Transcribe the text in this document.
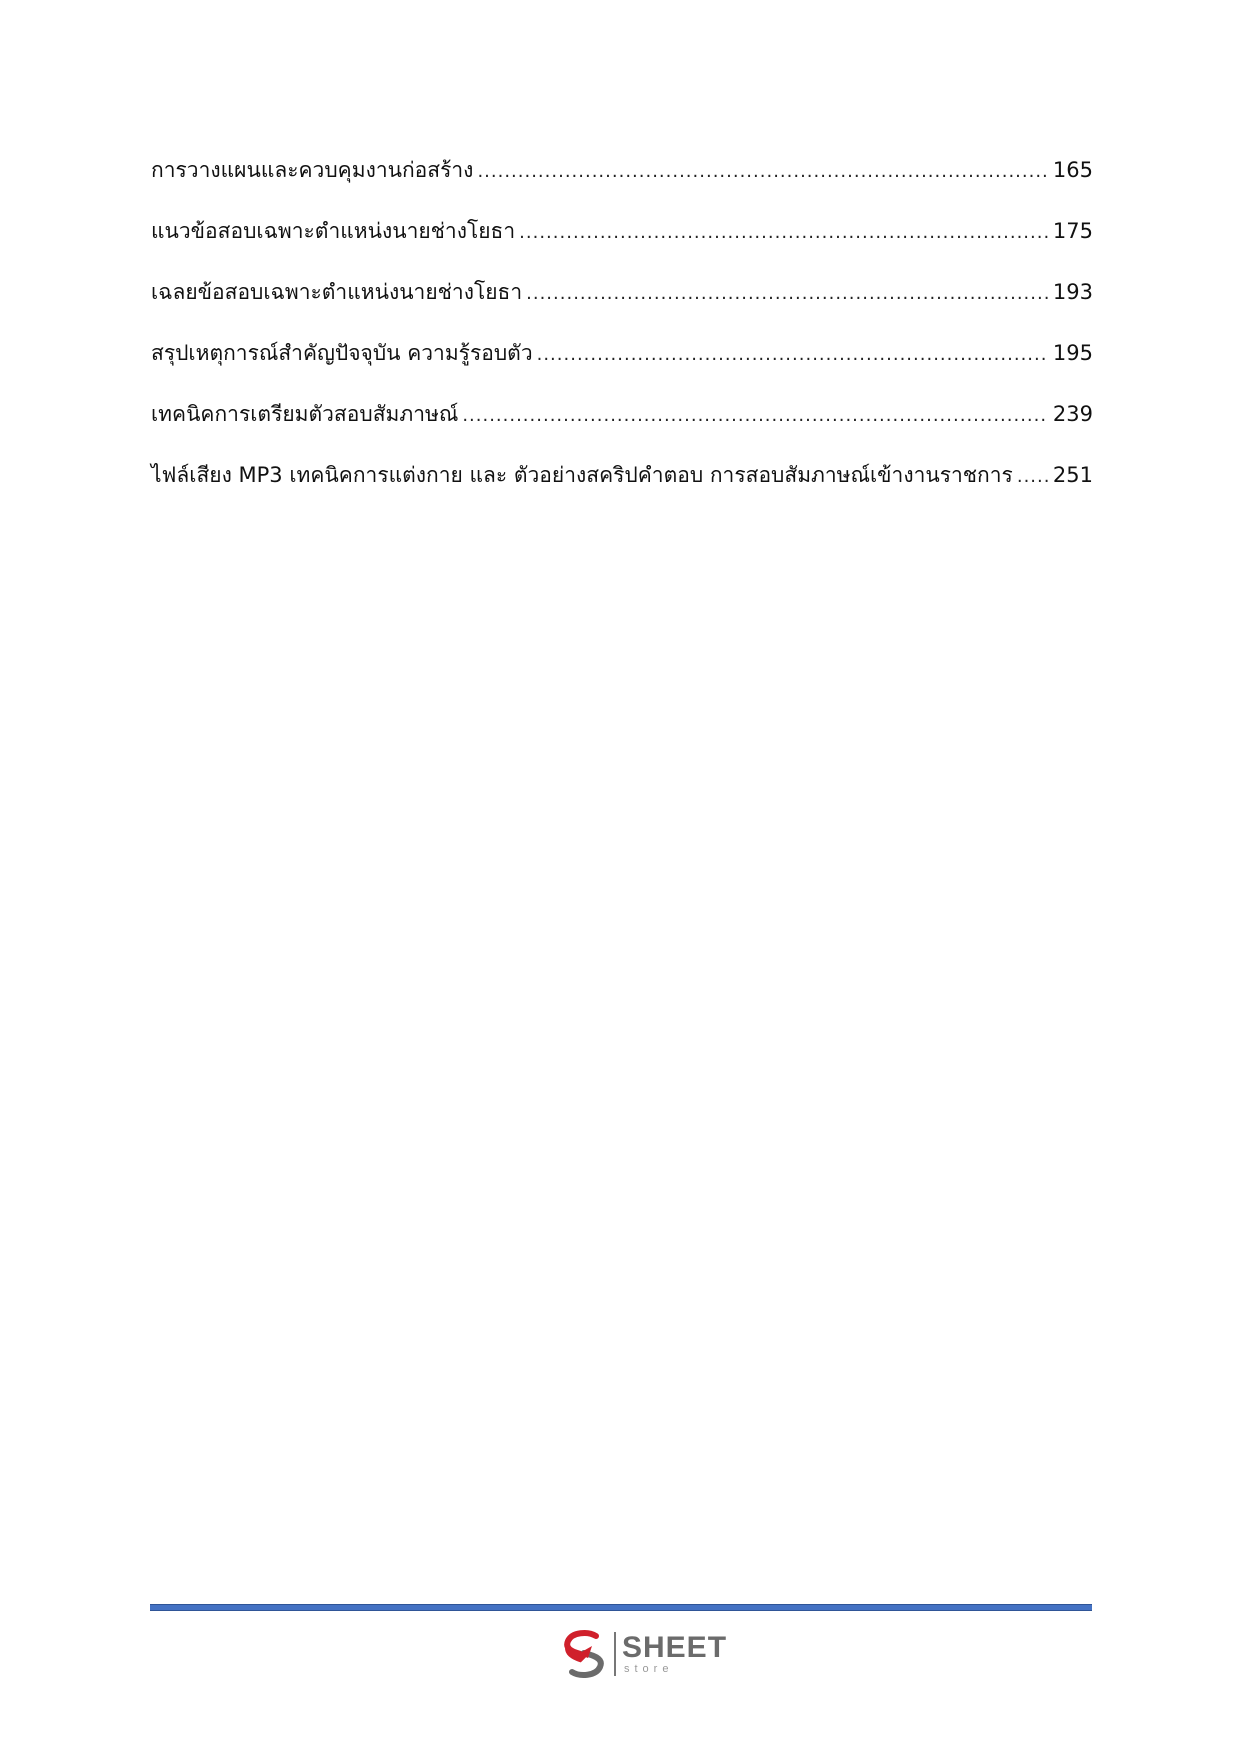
การวางแผนและควบคุมงานก่อสร้าง .....	165
แนวข้อสอบเฉพาะตำแหน่งนายช่างโยธา .....	175
เฉลยข้อสอบเฉพาะตำแหน่งนายช่างโยธา .....	193
สรุปเหตุการณ์สำคัญปัจจุบัน ความรู้รอบตัว .....	195
เทคนิคการเตรียมตัวสอบสัมภาษณ์ .....	239
ไฟล์เสียง MP3 เทคนิคการแต่งกาย และ ตัวอย่างสคริปคำตอบ การสอบสัมภาษณ์เข้างานราชการ ..... 251
SHEET
store
